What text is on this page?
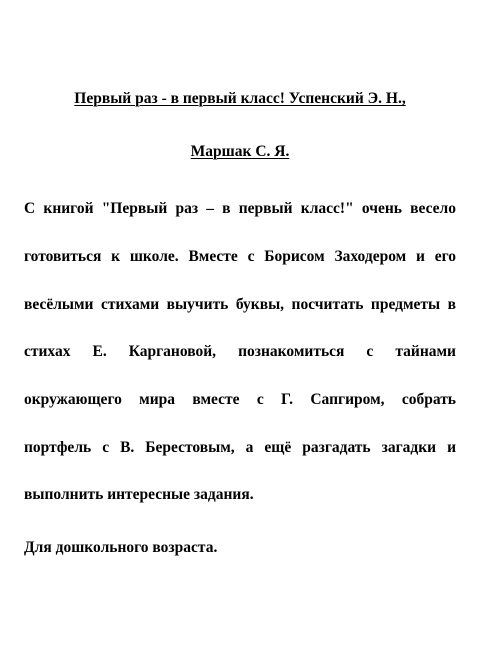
Первый раз - в первый класс! Успенский Э. Н.,
Маршак С. Я.
С книгой "Первый раз – в первый класс!" очень весело
готовиться к школе. Вместе с Борисом Заходером и его
весёлыми стихами выучить буквы, посчитать предметы в
стихах Е. Каргановой, познакомиться с тайнами
окружающего мира вместе с Г. Сапгиром, собрать
портфель с В. Берестовым, а ещё разгадать загадки и
выполнить интересные задания.
Для дошкольного возраста.
